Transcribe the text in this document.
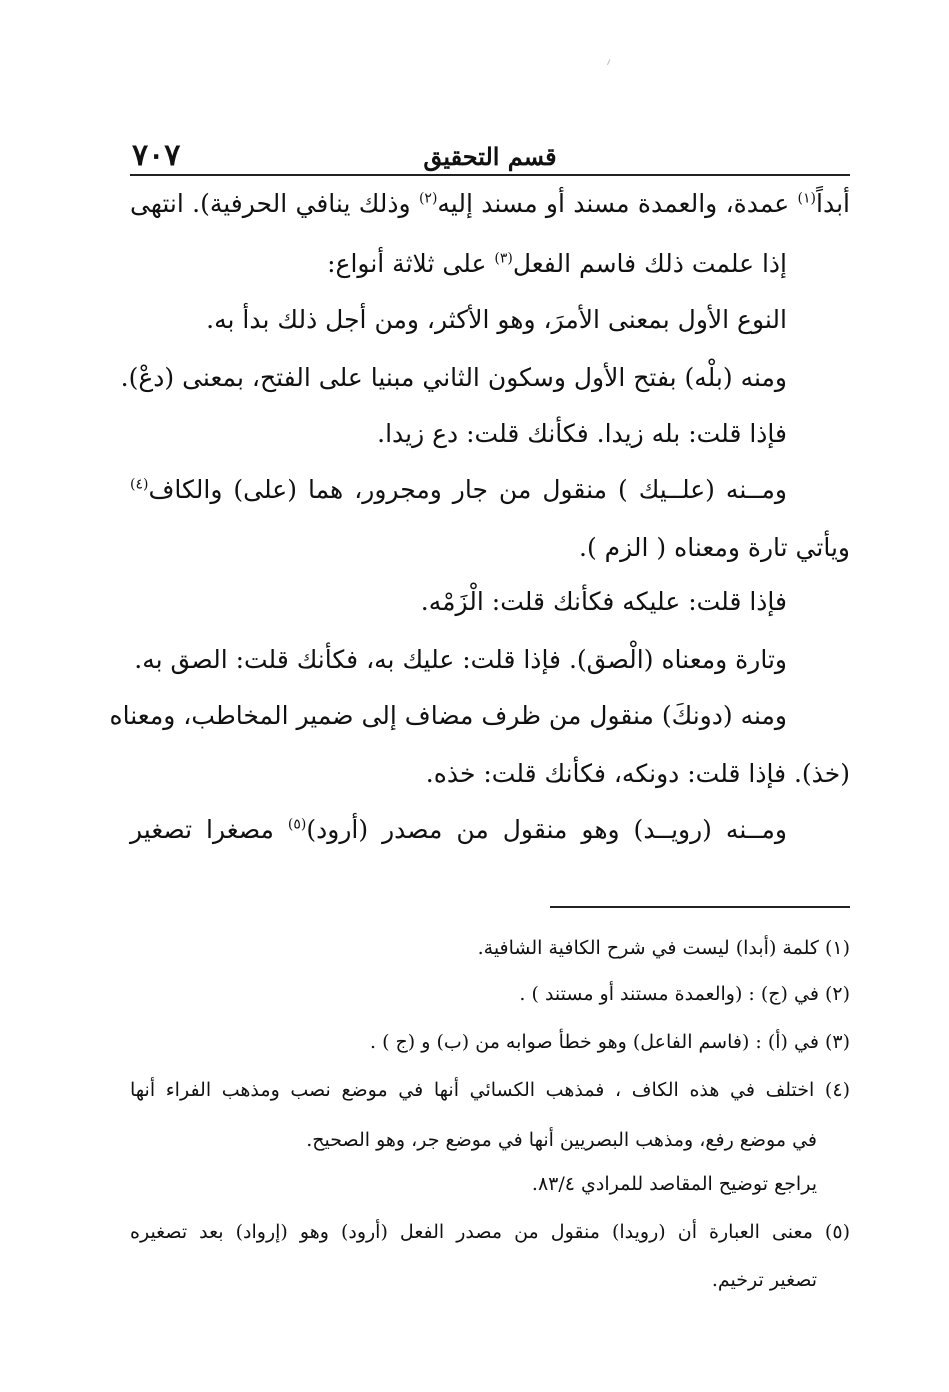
٧٠٧	قسم التحقيق
أبداً$^{(١)}$ عمدة، والعمدة مسند أو مسند إليه$^{(٢)}$ وذلك ينافي الحرفية). انتهى
إذا علمت ذلك فاسم الفعل$^{(٣)}$ على ثلاثة أنواع:
النوع الأول بمعنى الأمرَ، وهو الأكثر، ومن أجل ذلك بدأ به.
ومنه (بلْه) بفتح الأول وسكون الثاني مبنيا على الفتح، بمعنى (دعْ).
فإذا قلت: بله زيدا. فكأنك قلت: دع زيدا.
ومــنه (علــيك ) منقول من جار ومجرور، هما (على) والكاف$^{(٤)}$
ويأتي تارة ومعناه ( الزم ).
فإذا قلت: عليكه فكأنك قلت: الْزَمْه.
وتارة ومعناه (الْصق). فإذا قلت: عليك به، فكأنك قلت: الصق به.
ومنه (دونكَ) منقول من ظرف مضاف إلى ضمير المخاطب، ومعناه
(خذ). فإذا قلت: دونكه، فكأنك قلت: خذه.
ومــنه (رويــد) وهو منقول من مصدر (أرود)$^{(٥)}$ مصغرا تصغير
(١) كلمة (أبدا) ليست في شرح الكافية الشافية.
(٢) في (ج) : (والعمدة مستند أو مستند ) .
(٣) في (أ) : (فاسم الفاعل) وهو خطأ صوابه من (ب) و (ج ) .
(٤) اختلف في هذه الكاف ، فمذهب الكسائي أنها في موضع نصب ومذهب الفراء أنها
في موضع رفع، ومذهب البصريين أنها في موضع جر، وهو الصحيح.
يراجع توضيح المقاصد للمرادي ٨٣/٤.
(٥) معنى العبارة أن (رويدا) منقول من مصدر الفعل (أرود) وهو (إرواد) بعد تصغيره
تصغير ترخيم.
